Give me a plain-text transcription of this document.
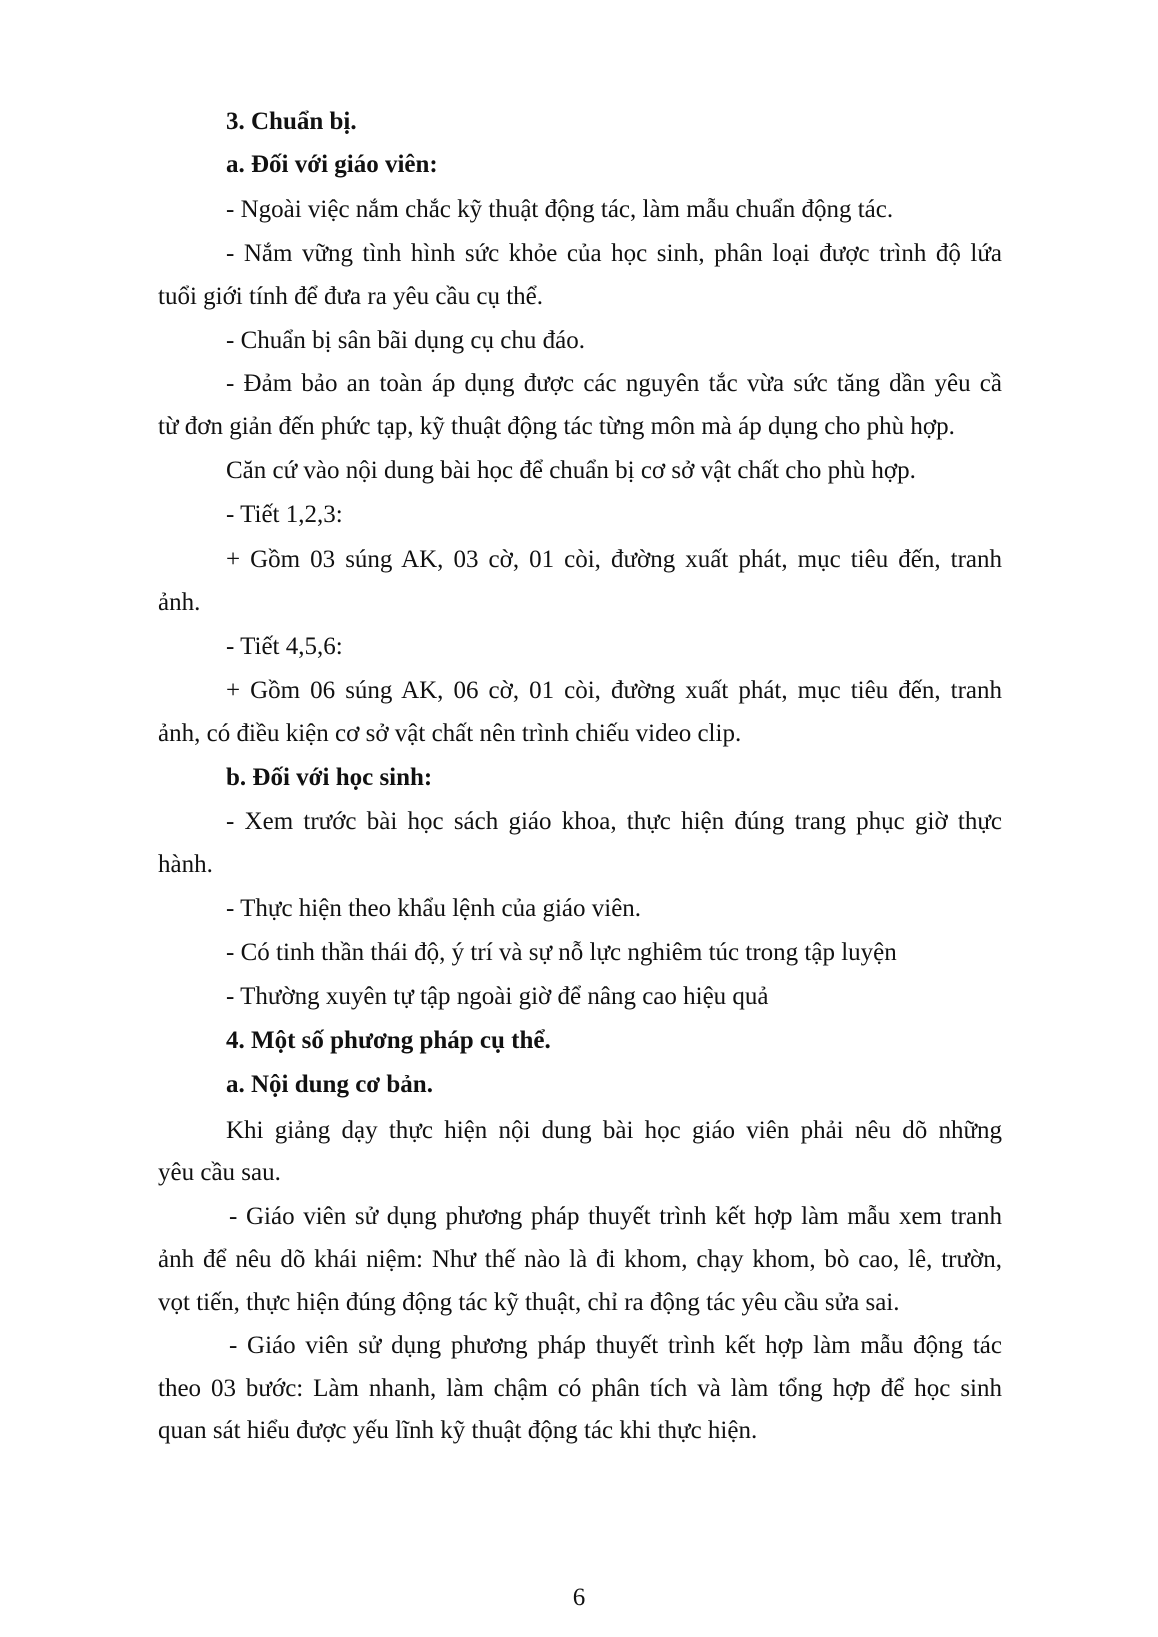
3. Chuẩn bị.
a. Đối với giáo viên:
- Ngoài việc nắm chắc kỹ thuật động tác, làm mẫu chuẩn động tác.
- Nắm vững tình hình sức khỏe của học sinh, phân loại được trình độ lứa
tuổi giới tính để đưa ra yêu cầu cụ thể.
- Chuẩn bị sân bãi dụng cụ chu đáo.
- Đảm bảo an toàn áp dụng được các nguyên tắc vừa sức tăng dần yêu cầ
từ đơn giản đến phức tạp, kỹ thuật động tác từng môn mà áp dụng cho phù hợp.
Căn cứ vào nội dung bài học để chuẩn bị cơ sở vật chất cho phù hợp.
- Tiết 1,2,3:
+ Gồm 03 súng AK, 03 cờ, 01 còi, đường xuất phát, mục tiêu đến, tranh
ảnh.
- Tiết 4,5,6:
+ Gồm 06 súng AK, 06 cờ, 01 còi, đường xuất phát, mục tiêu đến, tranh
ảnh, có điều kiện cơ sở vật chất nên trình chiếu video clip.
b. Đối với học sinh:
- Xem trước bài học sách giáo khoa, thực hiện đúng trang phục giờ thực
hành.
- Thực hiện theo khẩu lệnh của giáo viên.
- Có tinh thần thái độ, ý trí và sự nỗ lực nghiêm túc trong tập luyện
- Thường xuyên tự tập ngoài giờ để nâng cao hiệu quả
4. Một số phương pháp cụ thể.
a. Nội dung cơ bản.
Khi giảng dạy thực hiện nội dung bài học giáo viên phải nêu dõ những
yêu cầu sau.
- Giáo viên sử dụng phương pháp thuyết trình kết hợp làm mẫu xem tranh
ảnh để nêu dõ khái niệm: Như thế nào là đi khom, chạy khom, bò cao, lê, trườn,
vọt tiến, thực hiện đúng động tác kỹ thuật, chỉ ra động tác yêu cầu sửa sai.
- Giáo viên sử dụng phương pháp thuyết trình kết hợp làm mẫu động tác
theo 03 bước: Làm nhanh, làm chậm có phân tích và làm tổng hợp để học sinh
quan sát hiểu được yếu lĩnh kỹ thuật động tác khi thực hiện.
6
